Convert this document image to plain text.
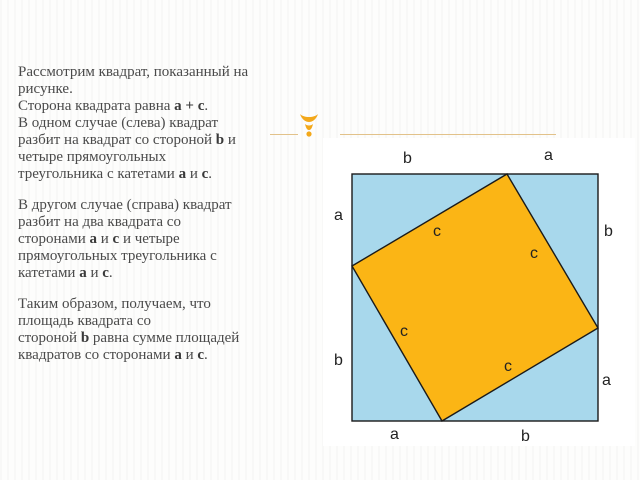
Рассмотрим квадрат, показанный на
рисунке.
Сторона квадрата равна a + c.
В одном случае (слева) квадрат
разбит на квадрат со стороной b и
четыре прямоугольных
треугольника с катетами a и c.
В другом случае (справа) квадрат
разбит на два квадрата со
сторонами a и c и четыре
прямоугольных треугольника с
катетами a и c.
Таким образом, получаем, что
площадь квадрата со
стороной b равна сумме площадей
квадратов со сторонами a и c.
b	a
a
b
b
a
a	b
c
c
c
c
